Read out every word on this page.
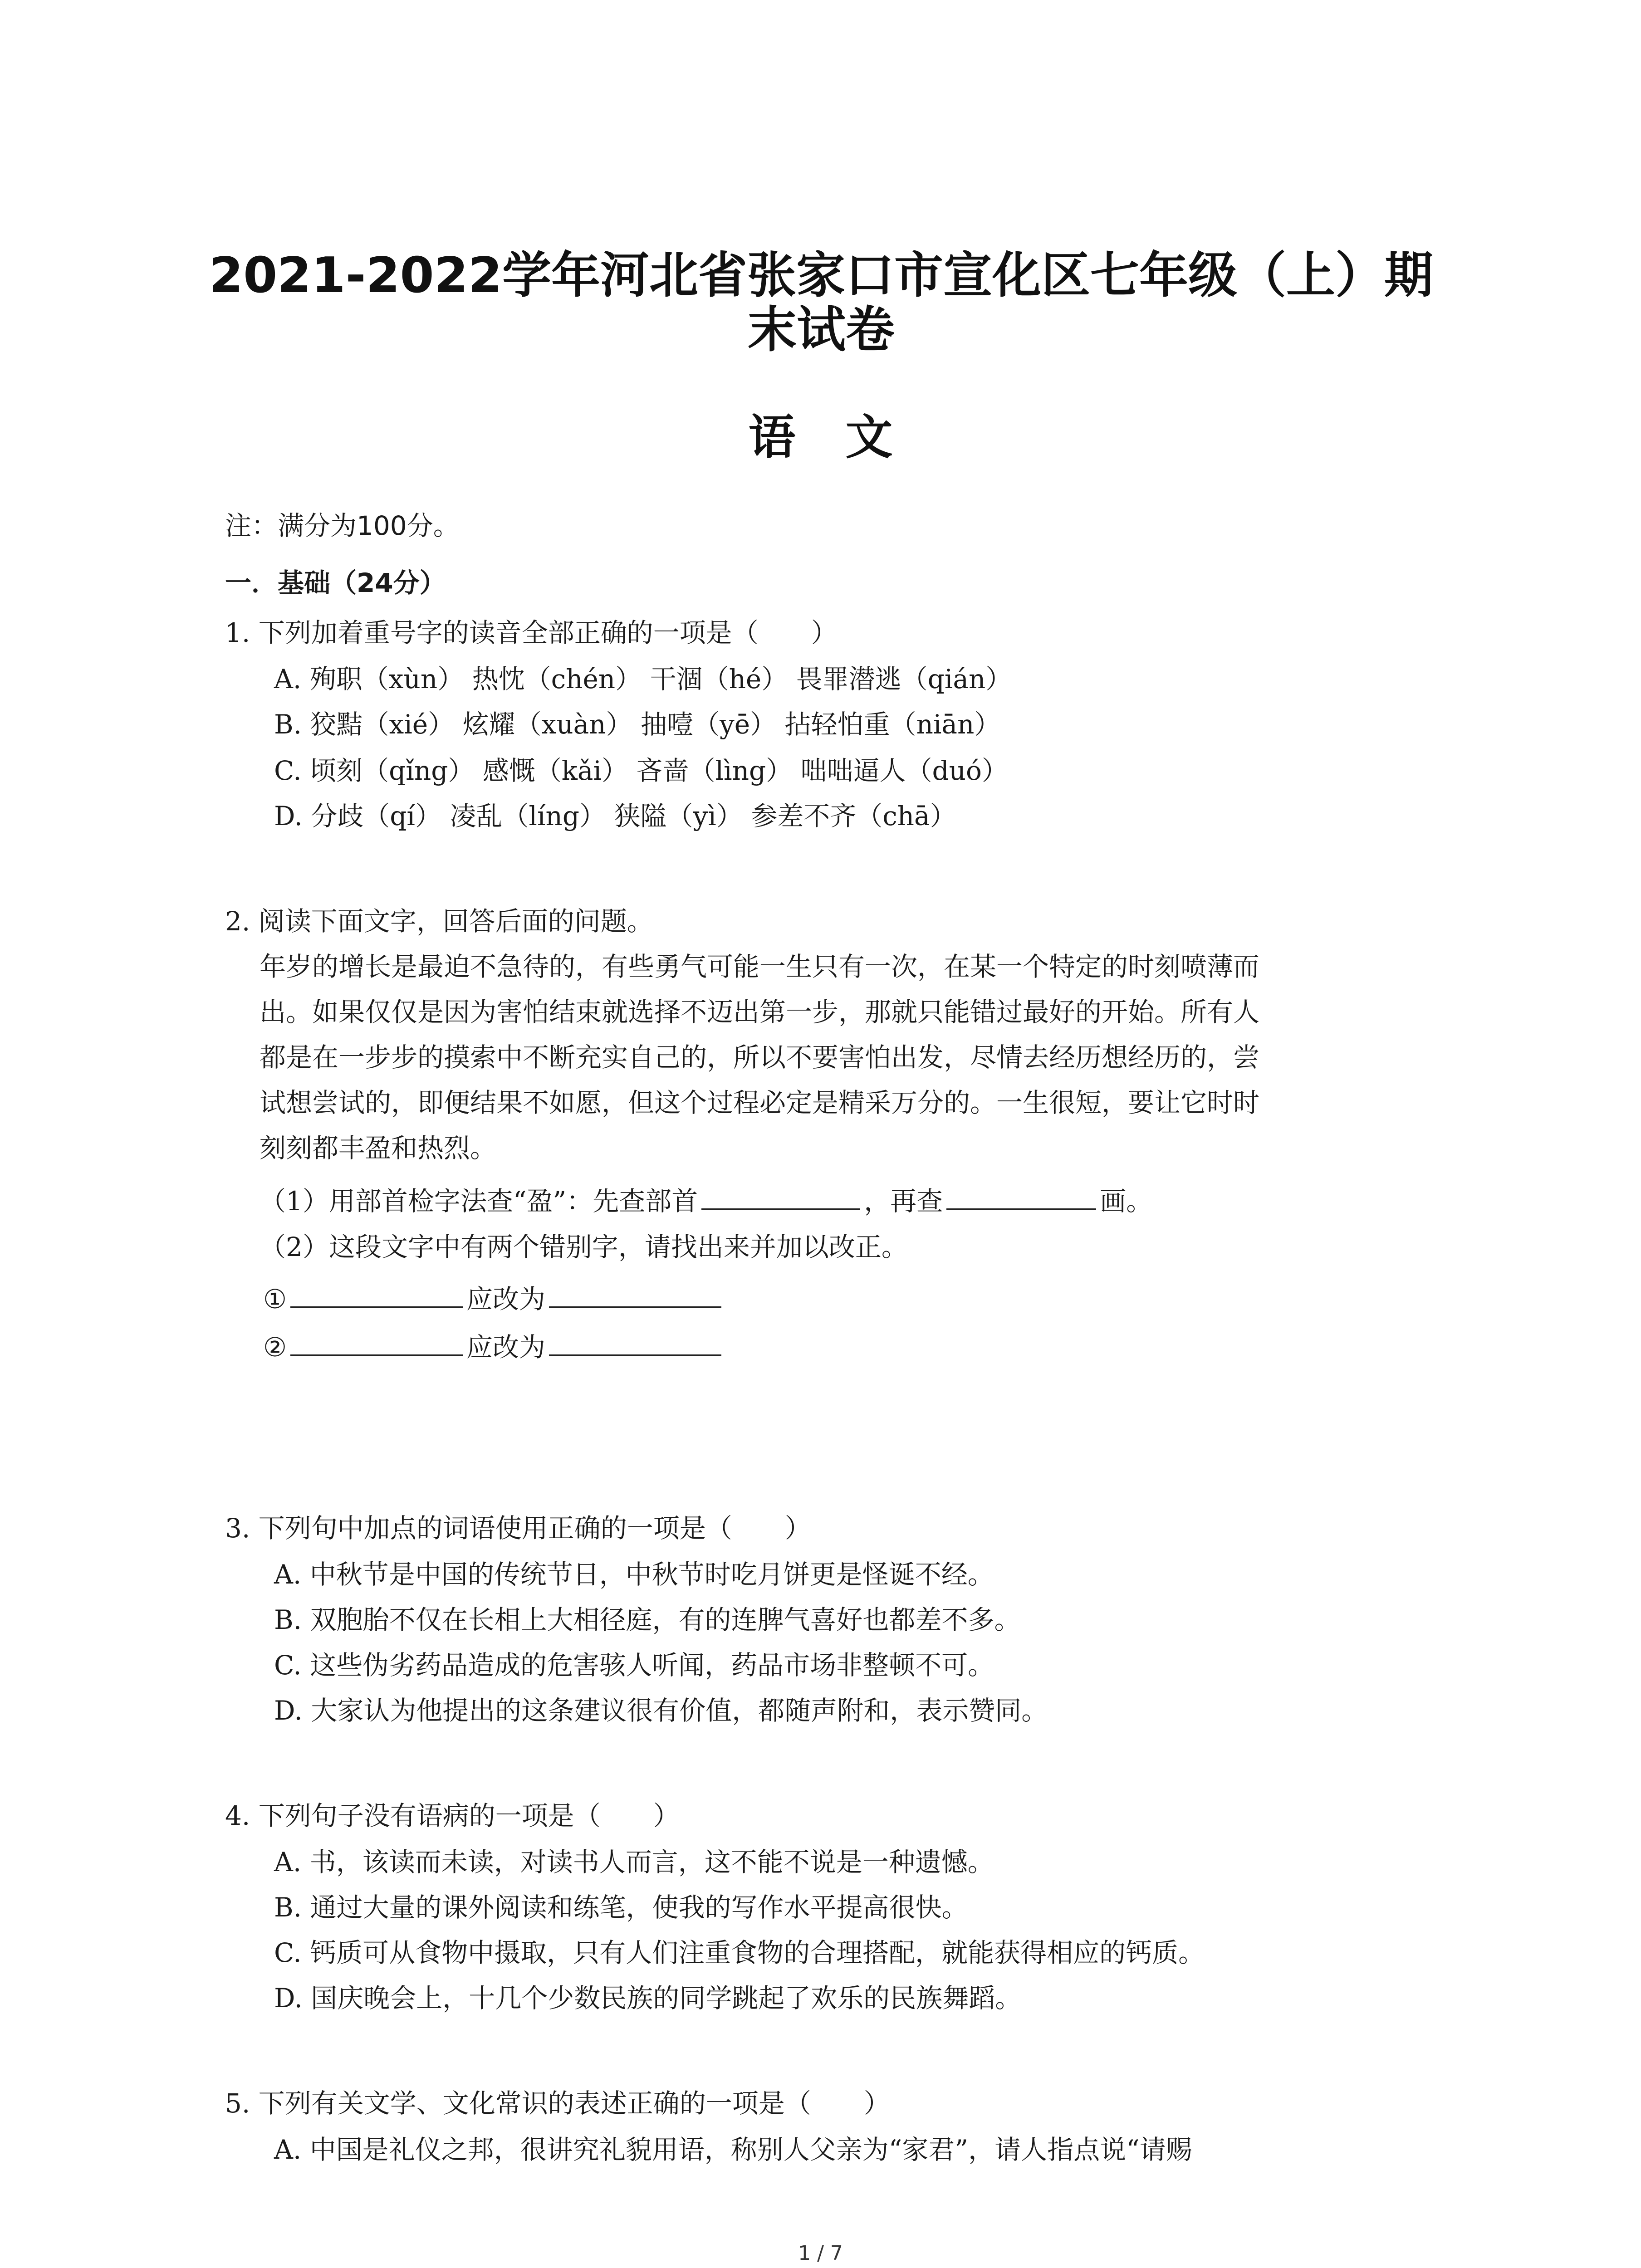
2021-2022学年河北省张家口市宣化区七年级（上）期
末试卷
语文
注：满分为100分。
一．基础（24分）
1. 下列加着重号字的读音全部正确的一项是（　　）
A. 殉职（xùn） 热忱（chén） 干涸（hé） 畏罪潜逃（qián）
B. 狡黠（xié） 炫耀（xuàn） 抽噎（yē） 拈轻怕重（niān）
C. 顷刻（qǐng） 感慨（kǎi） 吝啬（lìng） 咄咄逼人（duó）
D. 分歧（qí） 凌乱（líng） 狭隘（yì） 参差不齐（chā）
2. 阅读下面文字，回答后面的问题。
年岁的增长是最迫不急待的，有些勇气可能一生只有一次，在某一个特定的时刻喷薄而
出。如果仅仅是因为害怕结束就选择不迈出第一步，那就只能错过最好的开始。所有人
都是在一步步的摸索中不断充实自己的，所以不要害怕出发，尽情去经历想经历的，尝
试想尝试的，即便结果不如愿，但这个过程必定是精采万分的。一生很短，要让它时时
刻刻都丰盈和热烈。
（1）用部首检字法查“盈”：先查部首	，再查	画。
（2）这段文字中有两个错别字，请找出来并加以改正。
①	应改为
②	应改为
3. 下列句中加点的词语使用正确的一项是（　　）
A. 中秋节是中国的传统节日，中秋节时吃月饼更是怪诞不经。
B. 双胞胎不仅在长相上大相径庭，有的连脾气喜好也都差不多。
C. 这些伪劣药品造成的危害骇人听闻，药品市场非整顿不可。
D. 大家认为他提出的这条建议很有价值，都随声附和，表示赞同。
4. 下列句子没有语病的一项是（　　）
A. 书，该读而未读，对读书人而言，这不能不说是一种遗憾。
B. 通过大量的课外阅读和练笔，使我的写作水平提高很快。
C. 钙质可从食物中摄取，只有人们注重食物的合理搭配，就能获得相应的钙质。
D. 国庆晚会上，十几个少数民族的同学跳起了欢乐的民族舞蹈。
5. 下列有关文学、文化常识的表述正确的一项是（　　）
A. 中国是礼仪之邦，很讲究礼貌用语，称别人父亲为“家君”，请人指点说“请赐
1 / 7
